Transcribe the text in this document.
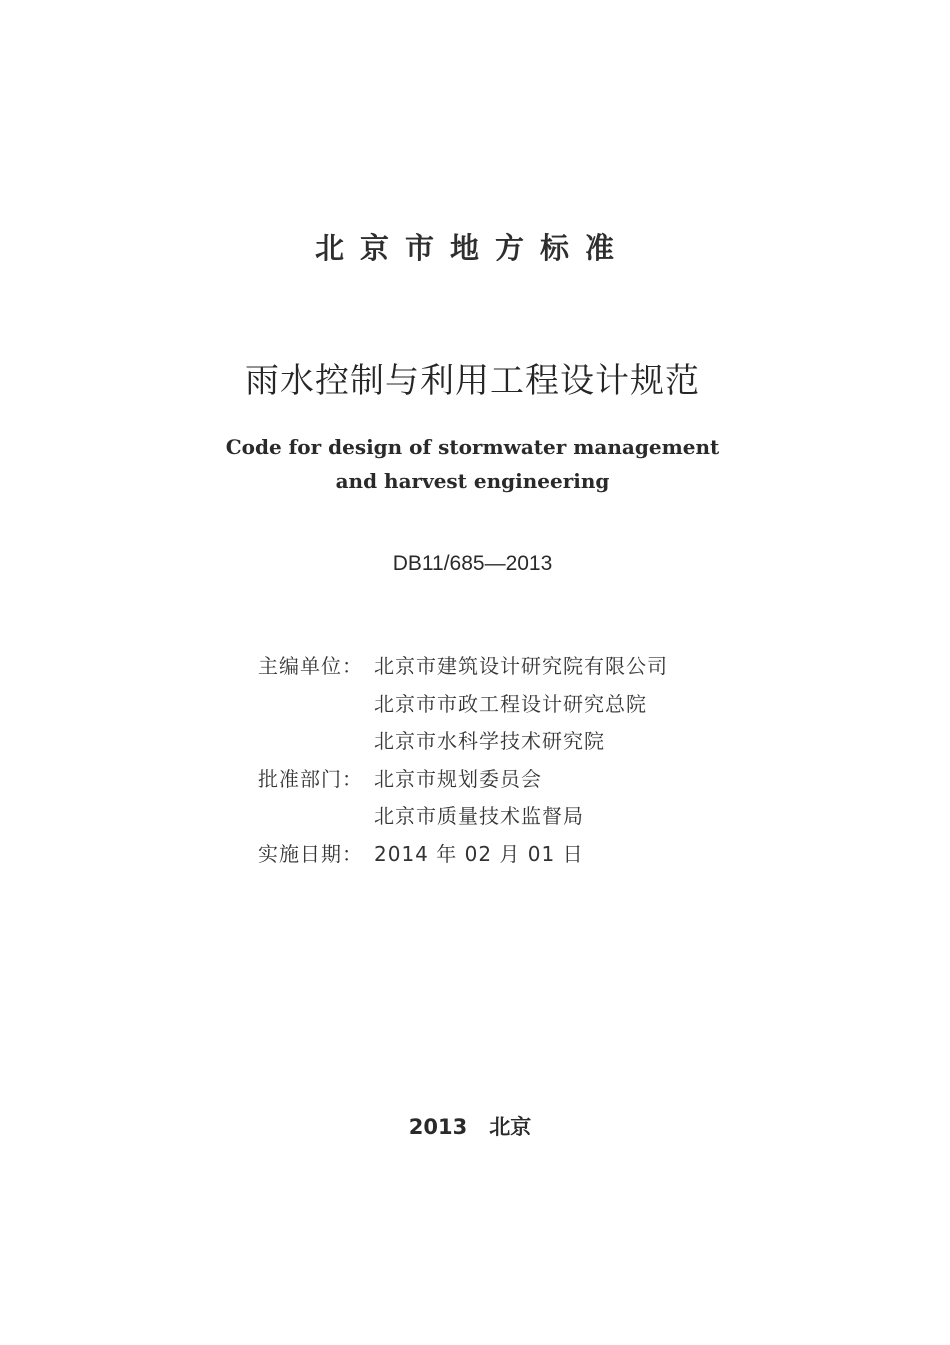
北京市地方标准
雨水控制与利用工程设计规范
Code for design of stormwater management
and harvest engineering
DB11/685—2013
主编单位： 北京市建筑设计研究院有限公司
北京市市政工程设计研究总院
北京市水科学技术研究院
批准部门： 北京市规划委员会
北京市质量技术监督局
实施日期： 2014 年 02 月 01 日
2013 北京
